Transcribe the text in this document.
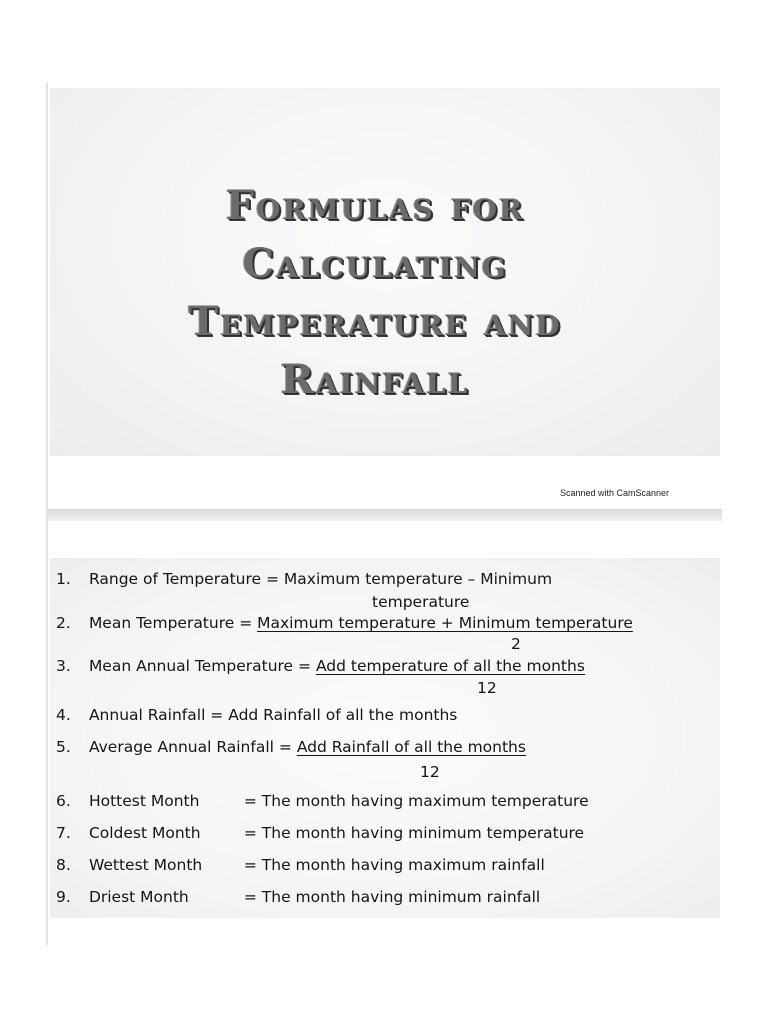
Formulas for
Calculating
Temperature and
Rainfall
Scanned with CamScanner
1. Range of Temperature = Maximum temperature – Minimum
temperature
2. Mean Temperature = Maximum temperature + Minimum temperature
2
3. Mean Annual Temperature = Add temperature of all the months
12
4. Annual Rainfall = Add Rainfall of all the months
5. Average Annual Rainfall = Add Rainfall of all the months
12
6. Hottest Month	= The month having maximum temperature
7. Coldest Month	= The month having minimum temperature
8. Wettest Month	= The month having maximum rainfall
9. Driest Month	= The month having minimum rainfall
